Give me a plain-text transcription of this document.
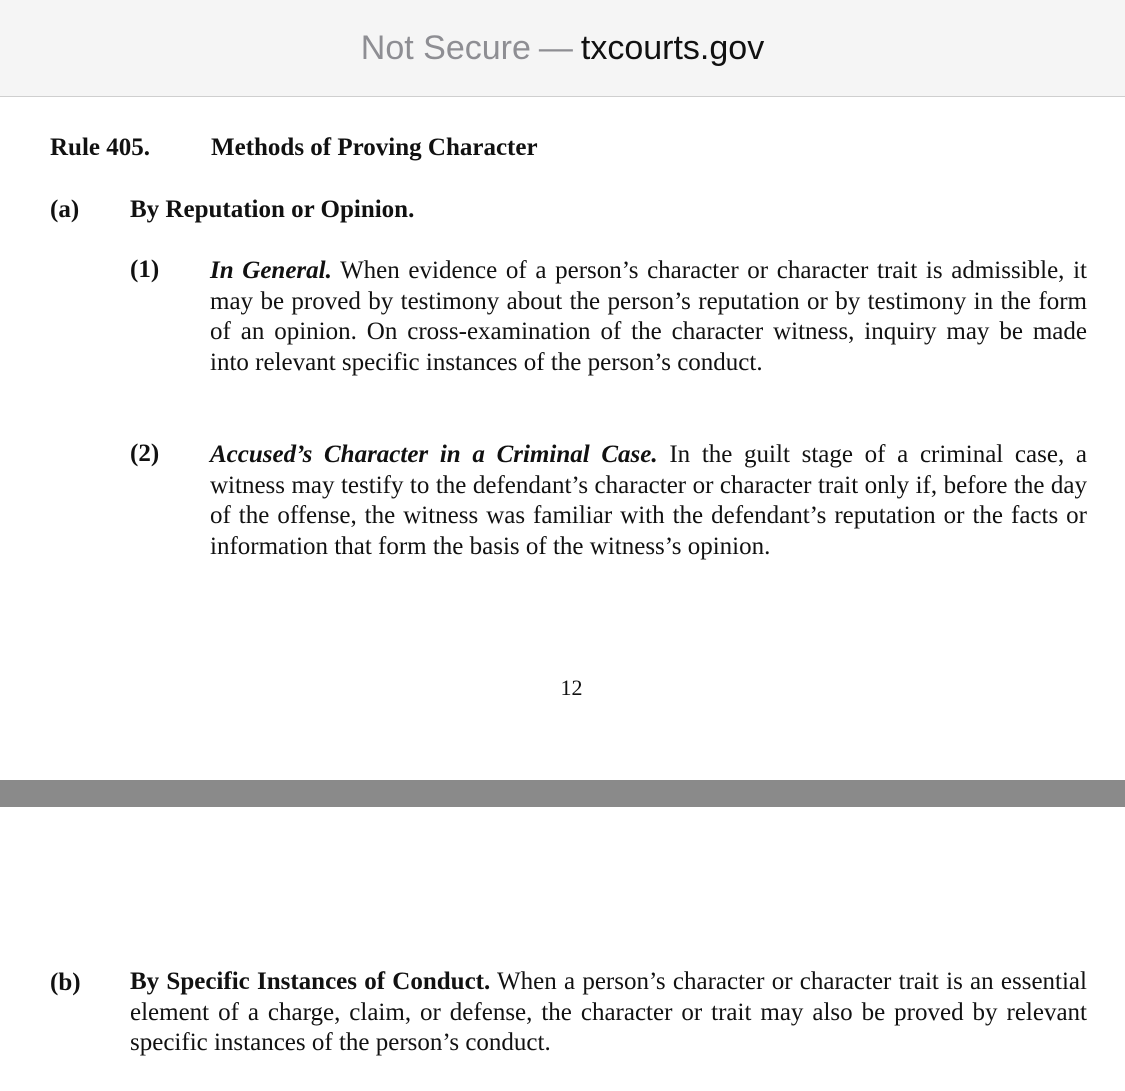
Not Secure — txcourts.gov
Rule 405. Methods of Proving Character
(a) By Reputation or Opinion.
(1) In General. When evidence of a person’s character or character trait is admissible, it may be proved by testimony about the person’s reputation or by testimony in the form of an opinion. On cross-examination of the character witness, inquiry may be made into relevant specific instances of the person’s conduct.
(2) Accused’s Character in a Criminal Case. In the guilt stage of a criminal case, a witness may testify to the defendant’s character or character trait only if, before the day of the offense, the witness was familiar with the defendant’s reputation or the facts or information that form the basis of the witness’s opinion.
12
(b) By Specific Instances of Conduct. When a person’s character or character trait is an essential element of a charge, claim, or defense, the character or trait may also be proved by relevant specific instances of the person’s conduct.
